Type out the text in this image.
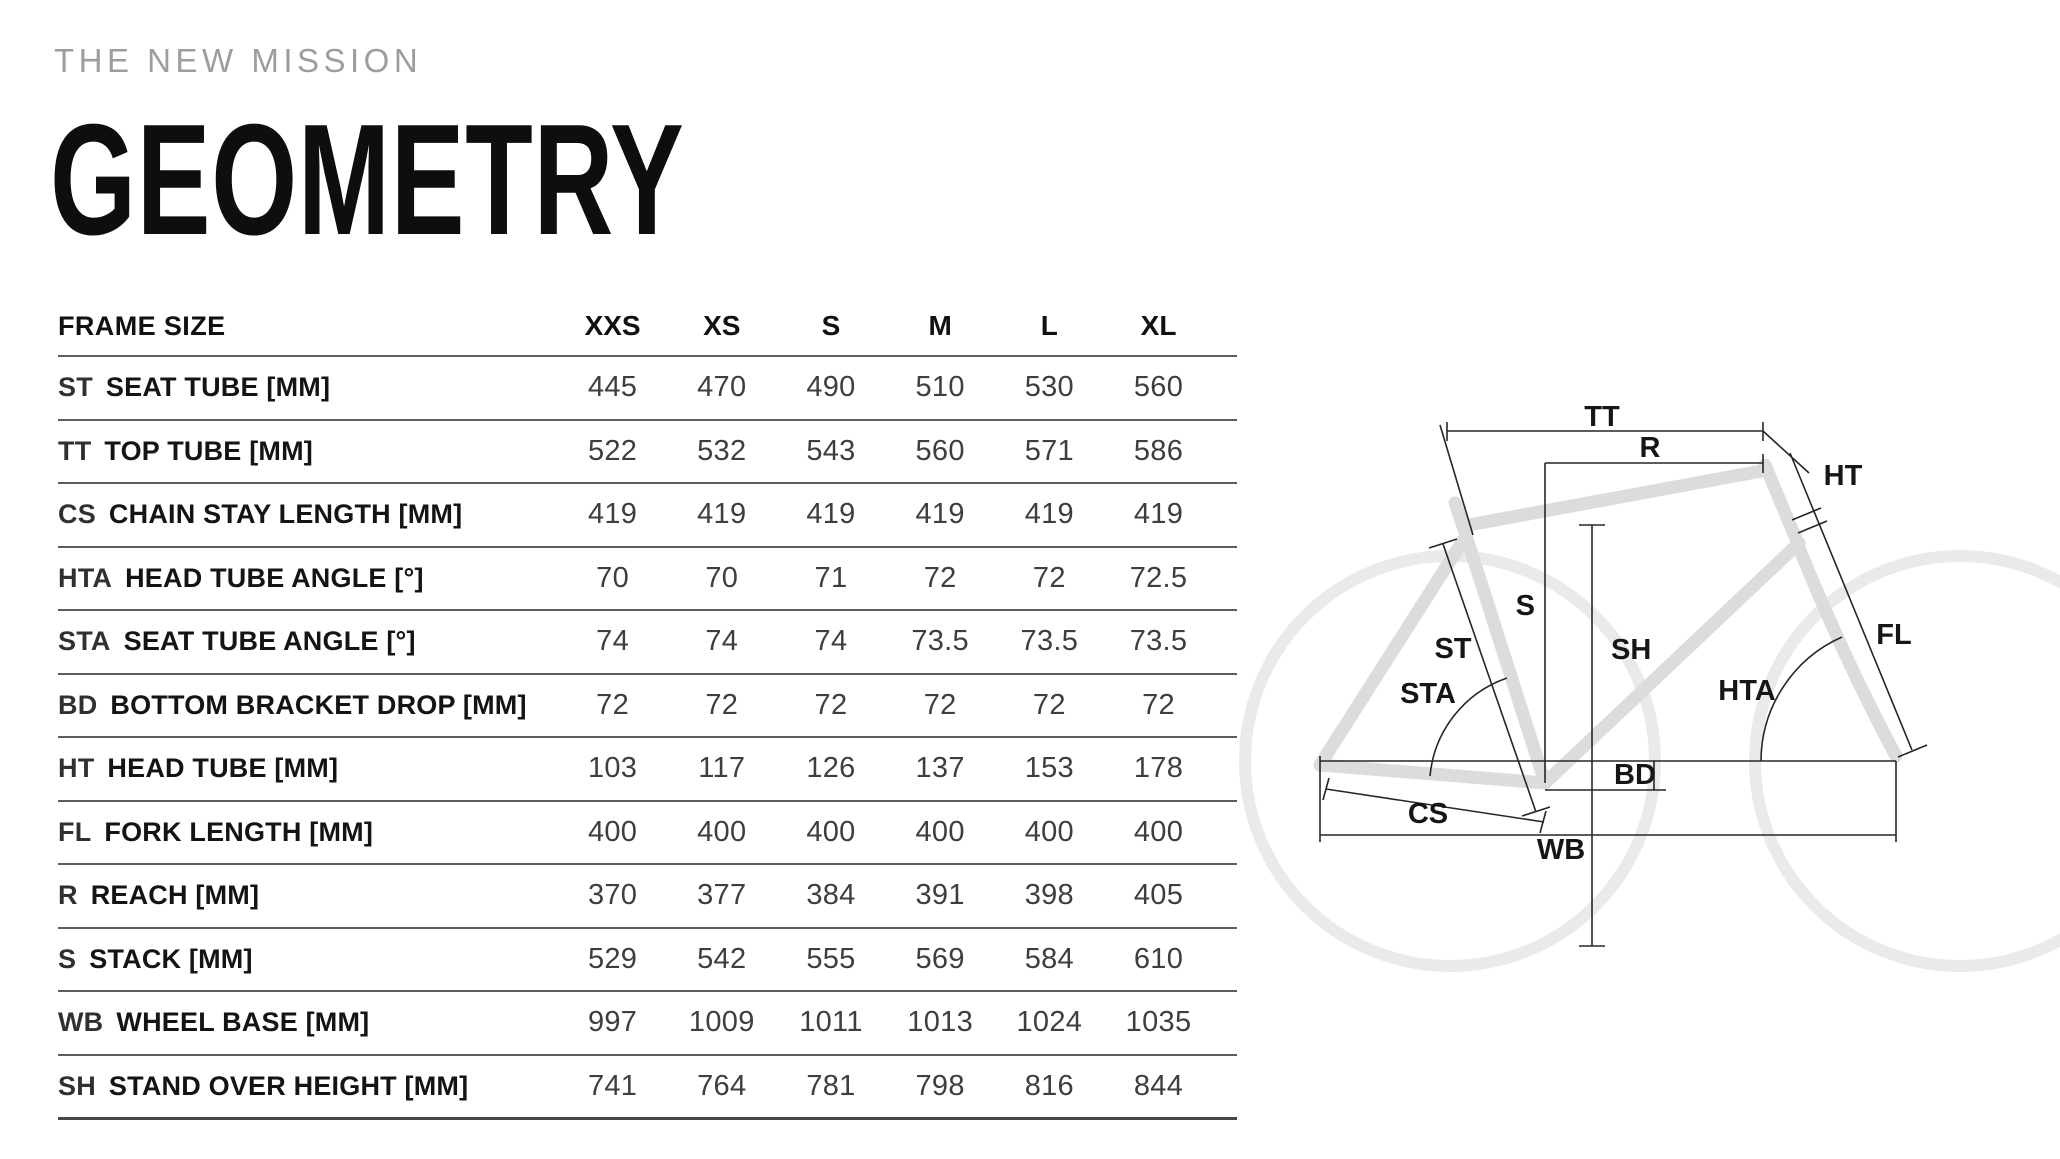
THE NEW MISSION
GEOMETRY
FRAME SIZE	XXS	XS	S	M	L	XL
ST SEAT TUBE [MM]	445	470	490	510	530	560
TT TOP TUBE [MM]	522	532	543	560	571	586
CS CHAIN STAY LENGTH [MM]	419	419	419	419	419	419
HTA HEAD TUBE ANGLE [°]	70	70	71	72	72	72.5
STA SEAT TUBE ANGLE [°]	74	74	74	73.5	73.5	73.5
BD BOTTOM BRACKET DROP [MM]	72	72	72	72	72	72
HT HEAD TUBE [MM]	103	117	126	137	153	178
FL FORK LENGTH [MM]	400	400	400	400	400	400
R REACH [MM]	370	377	384	391	398	405
S STACK [MM]	529	542	555	569	584	610
WB WHEEL BASE [MM]	997	1009	1011	1013	1024	1035
SH STAND OVER HEIGHT [MM]	741	764	781	798	816	844
TT
R
HT
S
SH
ST
STA	HTA
FL
BD
CS
WB
